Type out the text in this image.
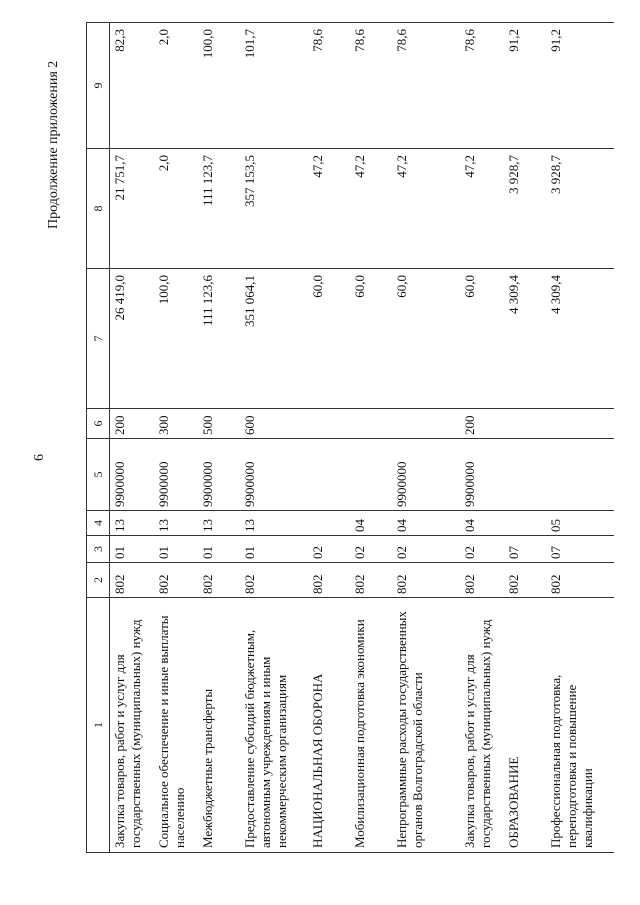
6
Продолжение приложения 2
1	2	3	4	5	6	7	8	9
Закупка товаров, работ и услуг для государственных (муниципальных) нужд	802	01	13	9900000	200	26 419,0	21 751,7	82,3
Социальное обеспечение и иные выплаты населению	802	01	13	9900000	300	100,0	2,0	2,0
Межбюджетные трансферты	802	01	13	9900000	500	111 123,6	111 123,7	100,0
Предоставление субсидий бюджетным, автономным учреждениям и иным некоммерческим организациям	802	01	13	9900000	600	351 064,1	357 153,5	101,7
НАЦИОНАЛЬНАЯ ОБОРОНА	802	02				60,0	47,2	78,6
Мобилизационная подготовка экономики	802	02	04			60,0	47,2	78,6
Непрограммные расходы государственных органов Волгоградской области	802	02	04	9900000		60,0	47,2	78,6
Закупка товаров, работ и услуг для государственных (муниципальных) нужд	802	02	04	9900000	200	60,0	47,2	78,6
ОБРАЗОВАНИЕ	802	07				4 309,4	3 928,7	91,2
Профессиональная подготовка, переподготовка и повышение квалификации	802	07	05			4 309,4	3 928,7	91,2
